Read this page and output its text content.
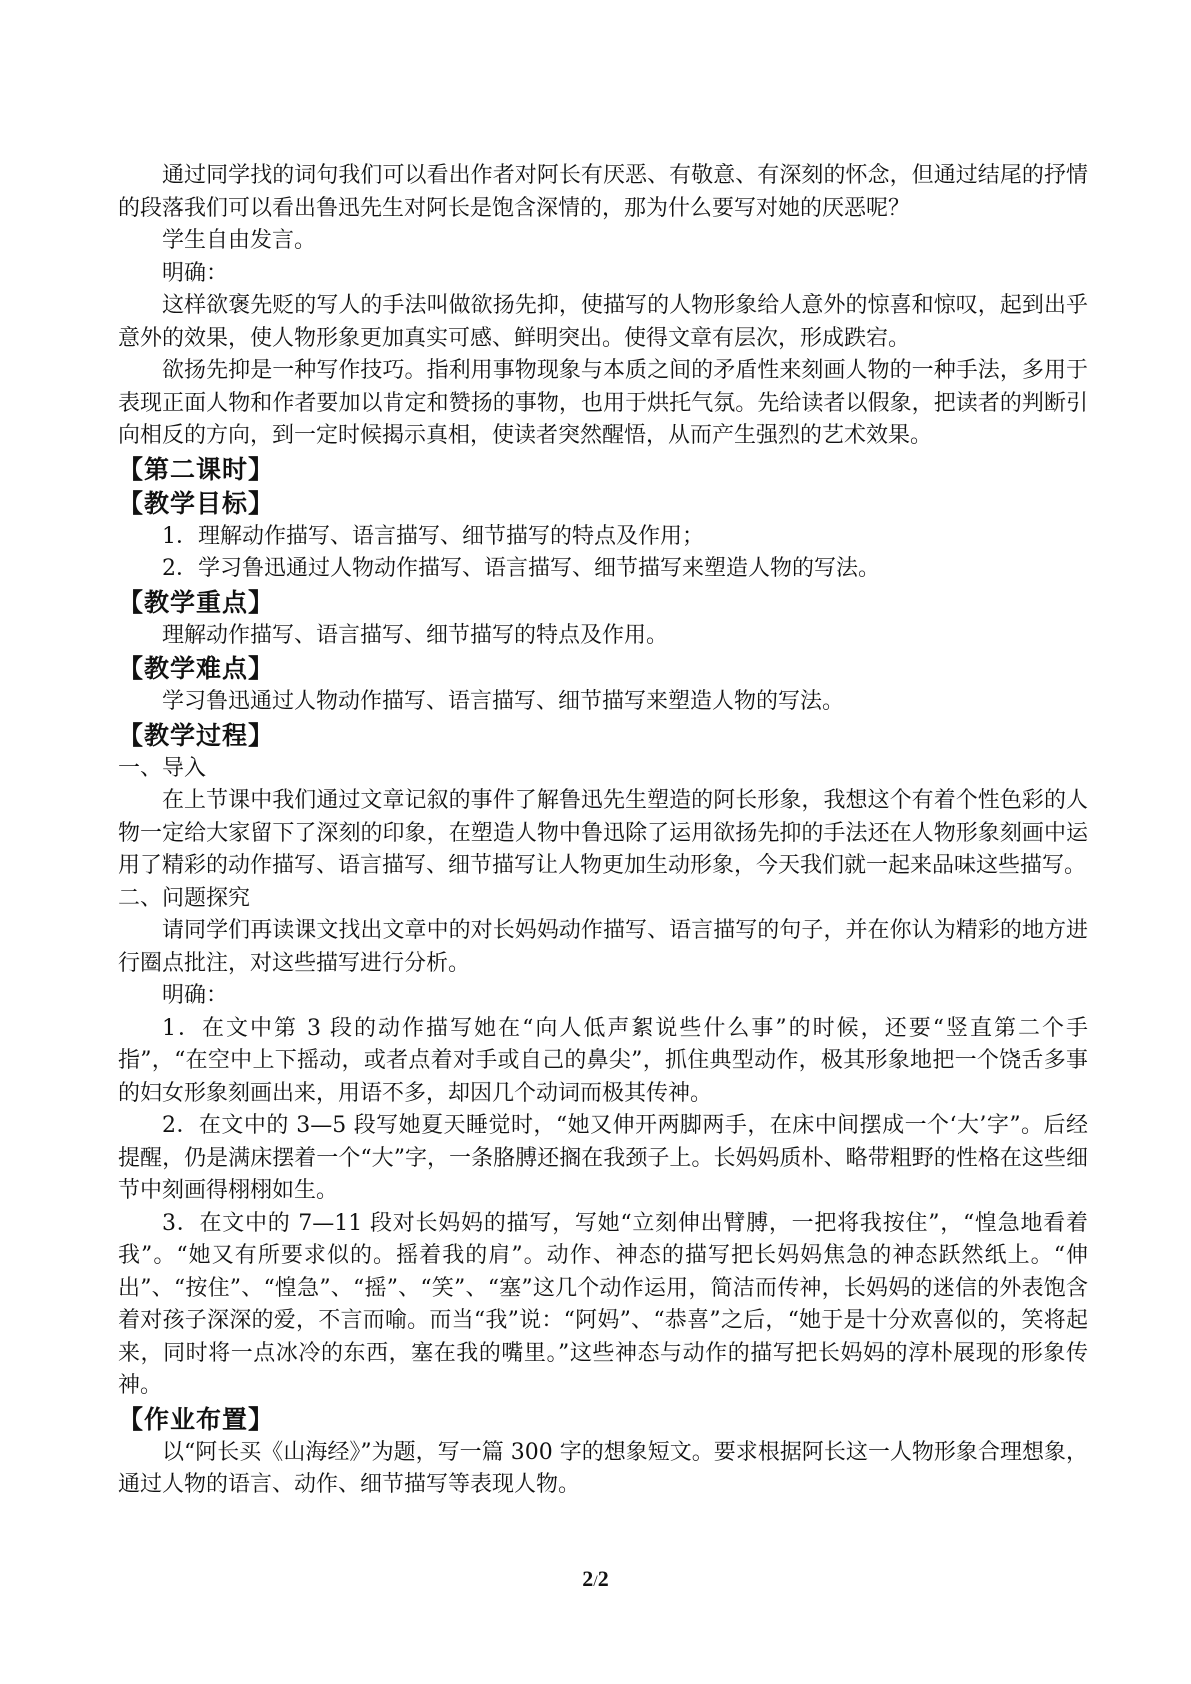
通过同学找的词句我们可以看出作者对阿长有厌恶、有敬意、有深刻的怀念，但通过结尾的抒情的段落我们可以看出鲁迅先生对阿长是饱含深情的，那为什么要写对她的厌恶呢？

学生自由发言。

明确：

这样欲褒先贬的写人的手法叫做欲扬先抑，使描写的人物形象给人意外的惊喜和惊叹，起到出乎意外的效果，使人物形象更加真实可感、鲜明突出。使得文章有层次，形成跌宕。

欲扬先抑是一种写作技巧。指利用事物现象与本质之间的矛盾性来刻画人物的一种手法，多用于表现正面人物和作者要加以肯定和赞扬的事物，也用于烘托气氛。先给读者以假象，把读者的判断引向相反的方向，到一定时候揭示真相，使读者突然醒悟，从而产生强烈的艺术效果。

【第二课时】
【教学目标】

1．理解动作描写、语言描写、细节描写的特点及作用；

2．学习鲁迅通过人物动作描写、语言描写、细节描写来塑造人物的写法。

【教学重点】

理解动作描写、语言描写、细节描写的特点及作用。

【教学难点】

学习鲁迅通过人物动作描写、语言描写、细节描写来塑造人物的写法。

【教学过程】

一、导入

在上节课中我们通过文章记叙的事件了解鲁迅先生塑造的阿长形象，我想这个有着个性色彩的人物一定给大家留下了深刻的印象，在塑造人物中鲁迅除了运用欲扬先抑的手法还在人物形象刻画中运用了精彩的动作描写、语言描写、细节描写让人物更加生动形象，今天我们就一起来品味这些描写。

二、问题探究

请同学们再读课文找出文章中的对长妈妈动作描写、语言描写的句子，并在你认为精彩的地方进行圈点批注，对这些描写进行分析。

明确：

1．在文中第 3 段的动作描写她在“向人低声絮说些什么事”的时候，还要“竖直第二个手指”，“在空中上下摇动，或者点着对手或自己的鼻尖”，抓住典型动作，极其形象地把一个饶舌多事的妇女形象刻画出来，用语不多，却因几个动词而极其传神。

2．在文中的 3—5 段写她夏天睡觉时，“她又伸开两脚两手，在床中间摆成一个‘大’字”。后经提醒，仍是满床摆着一个“大”字，一条胳膊还搁在我颈子上。长妈妈质朴、略带粗野的性格在这些细节中刻画得栩栩如生。

3．在文中的 7—11 段对长妈妈的描写，写她“立刻伸出臂膊，一把将我按住”，“惶急地看着我”。“她又有所要求似的。摇着我的肩”。动作、神态的描写把长妈妈焦急的神态跃然纸上。“伸出”、“按住”、“惶急”、“摇”、“笑”、“塞”这几个动作运用，简洁而传神，长妈妈的迷信的外表饱含着对孩子深深的爱，不言而喻。而当“我”说：“阿妈”、“恭喜”之后，“她于是十分欢喜似的，笑将起来，同时将一点冰冷的东西，塞在我的嘴里。”这些神态与动作的描写把长妈妈的淳朴展现的形象传神。

【作业布置】

以“阿长买《山海经》”为题，写一篇 300 字的想象短文。要求根据阿长这一人物形象合理想象，通过人物的语言、动作、细节描写等表现人物。

2/2
